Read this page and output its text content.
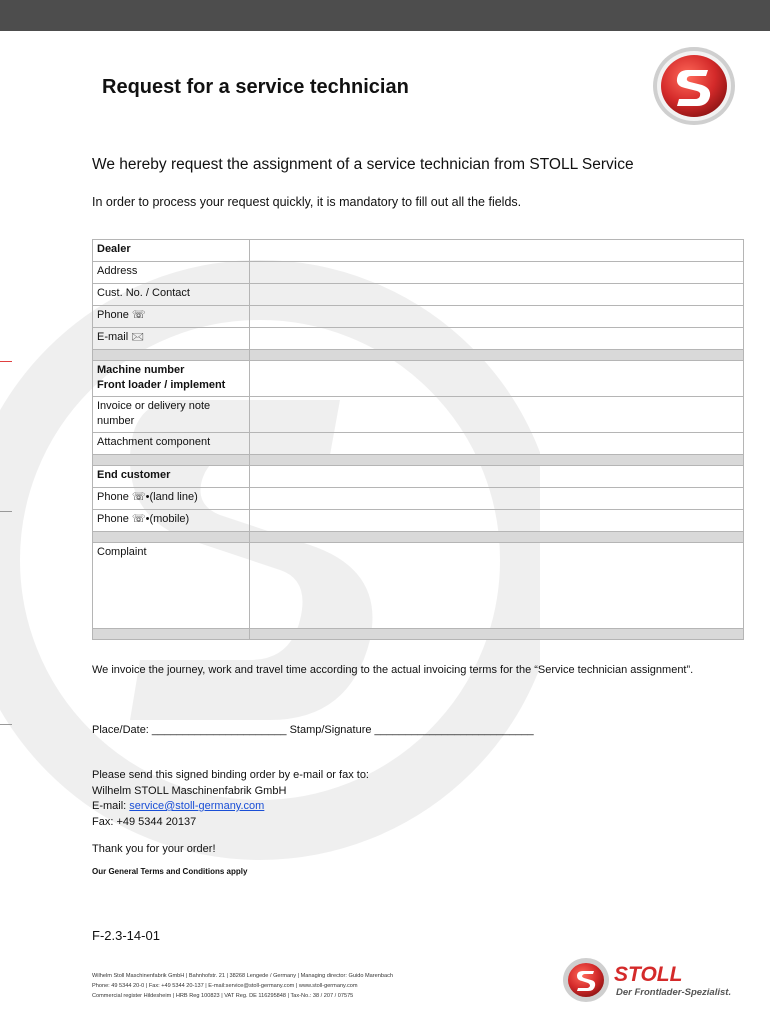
Request for a service technician
We hereby request the assignment of a service technician from STOLL Service
In order to process your request quickly, it is mandatory to fill out all the fields.
Dealer	
Address	
Cust. No. / Contact	
Phone ☏	
E-mail 🖂	

Machine number
Front loader / implement	
Invoice or delivery note number	
Attachment component	

End customer	
Phone ☏•(land line)	
Phone ☏•(mobile)	

Complaint	

We invoice the journey, work and travel time according to the actual invoicing terms for the “Service technician assignment”.
Place/Date: ______________________ Stamp/Signature __________________________
Please send this signed binding order by e-mail or fax to:
Wilhelm STOLL Maschinenfabrik GmbH
E-mail: service@stoll-germany.com
Fax: +49 5344 20137
Thank you for your order!
Our General Terms and Conditions apply
F-2.3-14-01
Wilhelm Stoll Maschinenfabrik GmbH | Bahnhofstr. 21 | 38268 Lengede / Germany | Managing director: Guido Marenbach
Phone: 49 5344 20-0 | Fax: +49 5344 20-137 | E-mail:service@stoll-germany.com | www.stoll-germany.com
Commercial register Hildesheim | HRB Reg 100823 | VAT Reg. DE 116295848 | Tax-No.: 38 / 207 / 07575
STOLL
Der Frontlader-Spezialist.
